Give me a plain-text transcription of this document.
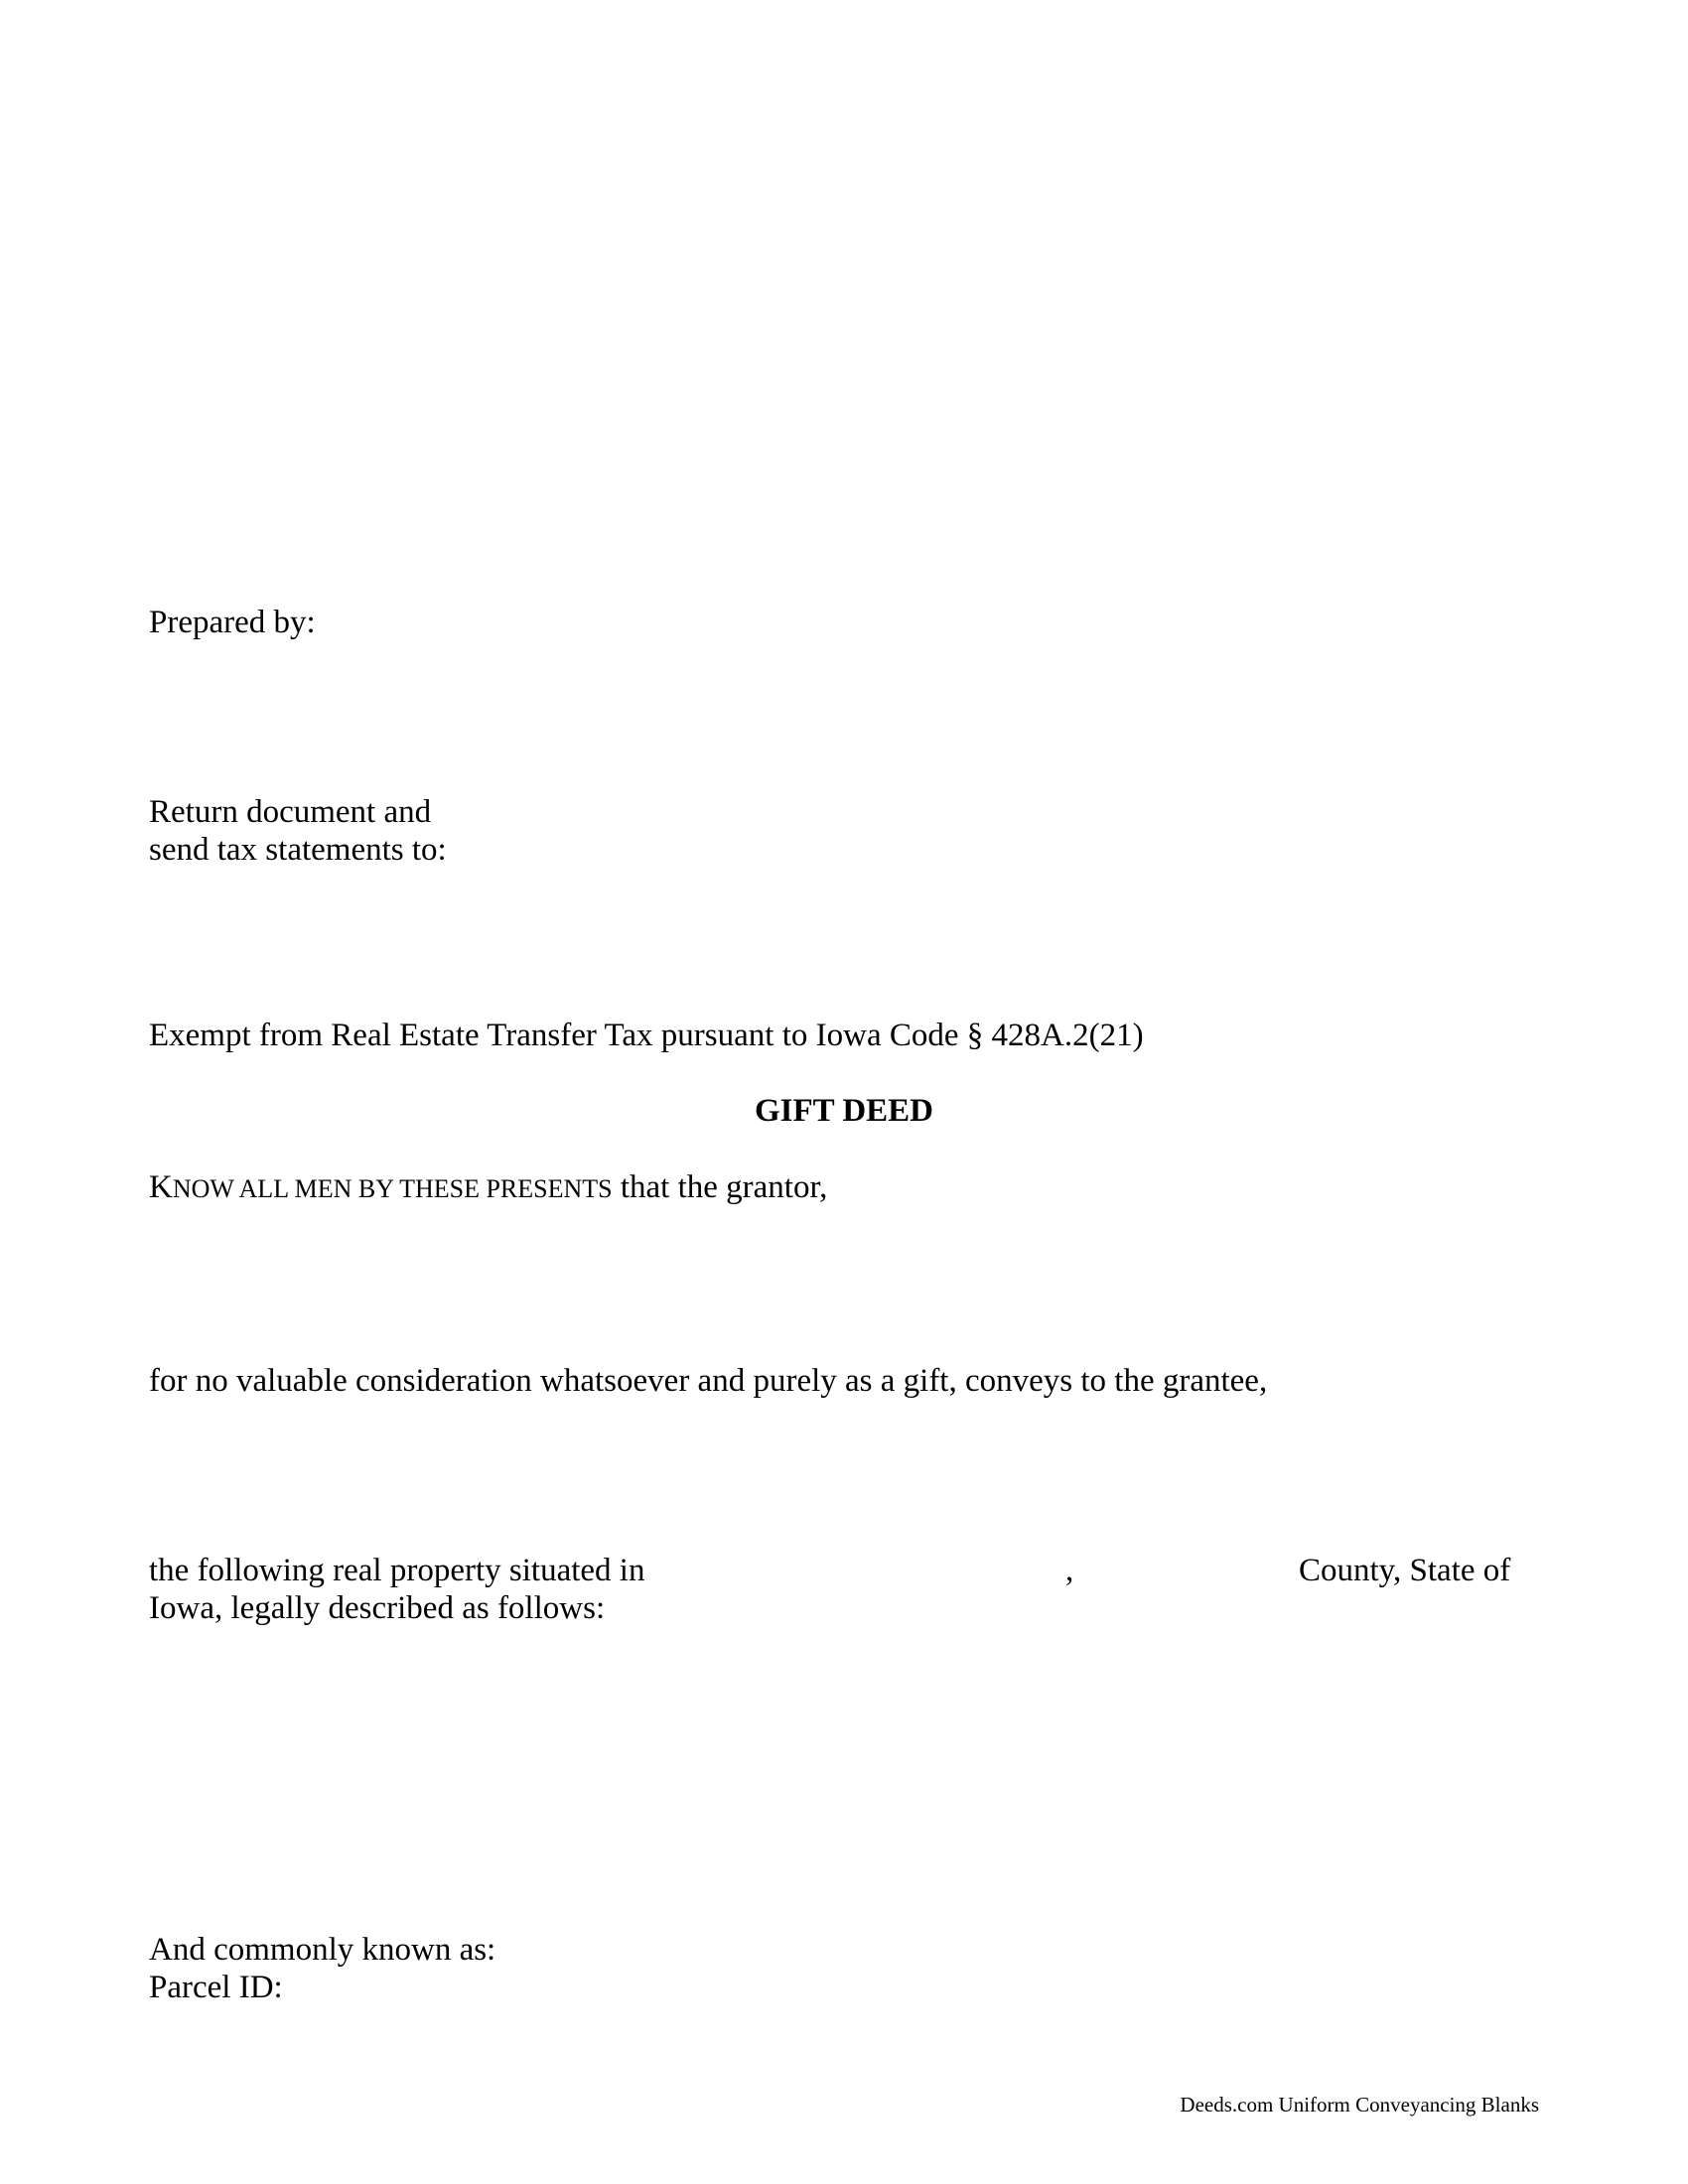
Prepared by:
Return document and
send tax statements to:
Exempt from Real Estate Transfer Tax pursuant to Iowa Code § 428A.2(21)
GIFT DEED
KNOW ALL MEN BY THESE PRESENTS that the grantor,
for no valuable consideration whatsoever and purely as a gift, conveys to the grantee,
the following real property situated in	,	County, State of
Iowa, legally described as follows:
And commonly known as:
Parcel ID:
Deeds.com Uniform Conveyancing Blanks
